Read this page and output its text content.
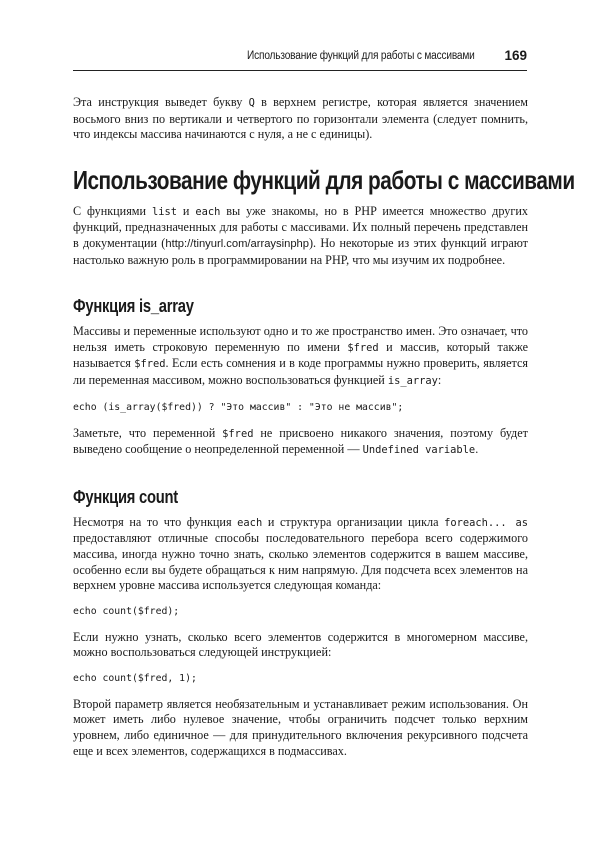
Использование функций для работы с массивами 169

Эта инструкция выведет букву Q в верхнем регистре, которая является значением восьмого вниз по вертикали и четвертого по горизонтали элемента (следует помнить, что индексы массива начинаются с нуля, а не с единицы).

Использование функций для работы с массивами

С функциями list и each вы уже знакомы, но в PHP имеется множество других функций, предназначенных для работы с массивами. Их полный перечень представлен в документации (http://tinyurl.com/arraysinphp). Но некоторые из этих функций играют настолько важную роль в программировании на PHP, что мы изучим их подробнее.

Функция is_array

Массивы и переменные используют одно и то же пространство имен. Это означает, что нельзя иметь строковую переменную по имени $fred и массив, который также называется $fred. Если есть сомнения и в коде программы нужно проверить, является ли переменная массивом, можно воспользоваться функцией is_array:

echo (is_array($fred)) ? "Это массив" : "Это не массив";

Заметьте, что переменной $fred не присвоено никакого значения, поэтому будет выведено сообщение о неопределенной переменной — Undefined variable.

Функция count

Несмотря на то что функция each и структура организации цикла foreach... as предоставляют отличные способы последовательного перебора всего содержимого массива, иногда нужно точно знать, сколько элементов содержится в вашем массиве, особенно если вы будете обращаться к ним напрямую. Для подсчета всех элементов на верхнем уровне массива используется следующая команда:

echo count($fred);

Если нужно узнать, сколько всего элементов содержится в многомерном массиве, можно воспользоваться следующей инструкцией:

echo count($fred, 1);

Второй параметр является необязательным и устанавливает режим использования. Он может иметь либо нулевое значение, чтобы ограничить подсчет только верхним уровнем, либо единичное — для принудительного включения рекурсивного подсчета еще и всех элементов, содержащихся в подмассивах.
